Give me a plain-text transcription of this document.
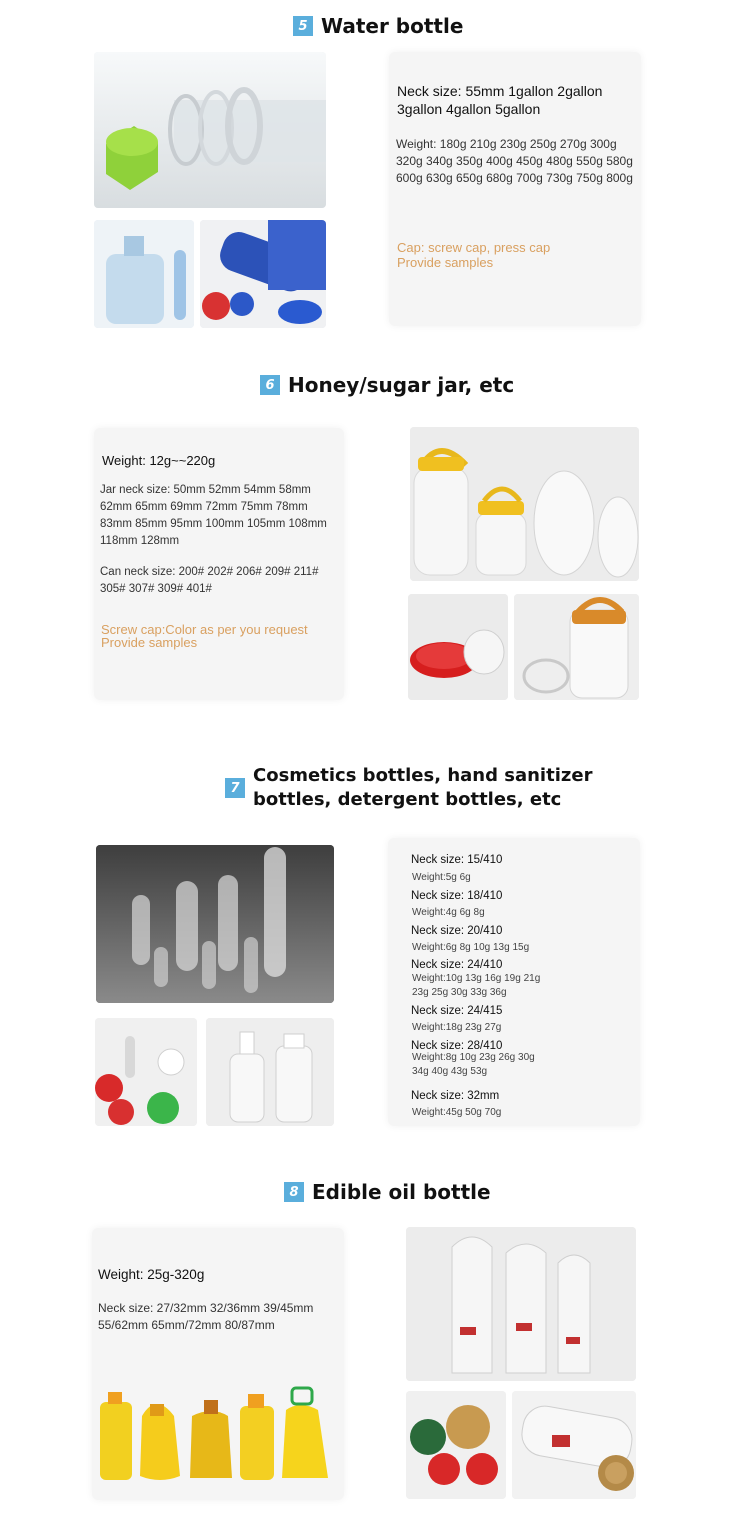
5 Water bottle
Neck size: 55mm 1gallon 2gallon 3gallon 4gallon 5gallon
Weight: 180g 210g 230g 250g 270g 300g 320g 340g 350g 400g 450g 480g 550g 580g 600g 630g 650g 680g 700g 730g 750g 800g
Cap: screw cap, press cap
Provide samples
6 Honey/sugar jar, etc
Weight: 12g~~220g
Jar neck size: 50mm 52mm 54mm 58mm 62mm 65mm 69mm 72mm 75mm 78mm 83mm 85mm 95mm 100mm 105mm 108mm 118mm 128mm
Can neck size: 200# 202# 206# 209# 211# 305# 307# 309# 401#
Screw cap:Color as per you request
Provide samples
7
Cosmetics bottles, hand sanitizer
bottles, detergent bottles, etc
Neck size: 15/410
Weight:5g 6g
Neck size: 18/410
Weight:4g 6g 8g
Neck size: 20/410
Weight:6g 8g 10g 13g 15g
Neck size: 24/410
Weight:10g 13g 16g 19g 21g 23g 25g 30g 33g 36g
Neck size: 24/415
Weight:18g 23g 27g
Neck size: 28/410
Weight:8g 10g 23g 26g 30g 34g 40g 43g 53g
Neck size: 32mm
Weight:45g 50g 70g
8 Edible oil bottle
Weight: 25g-320g
Neck size: 27/32mm 32/36mm 39/45mm 55/62mm 65mm/72mm 80/87mm
